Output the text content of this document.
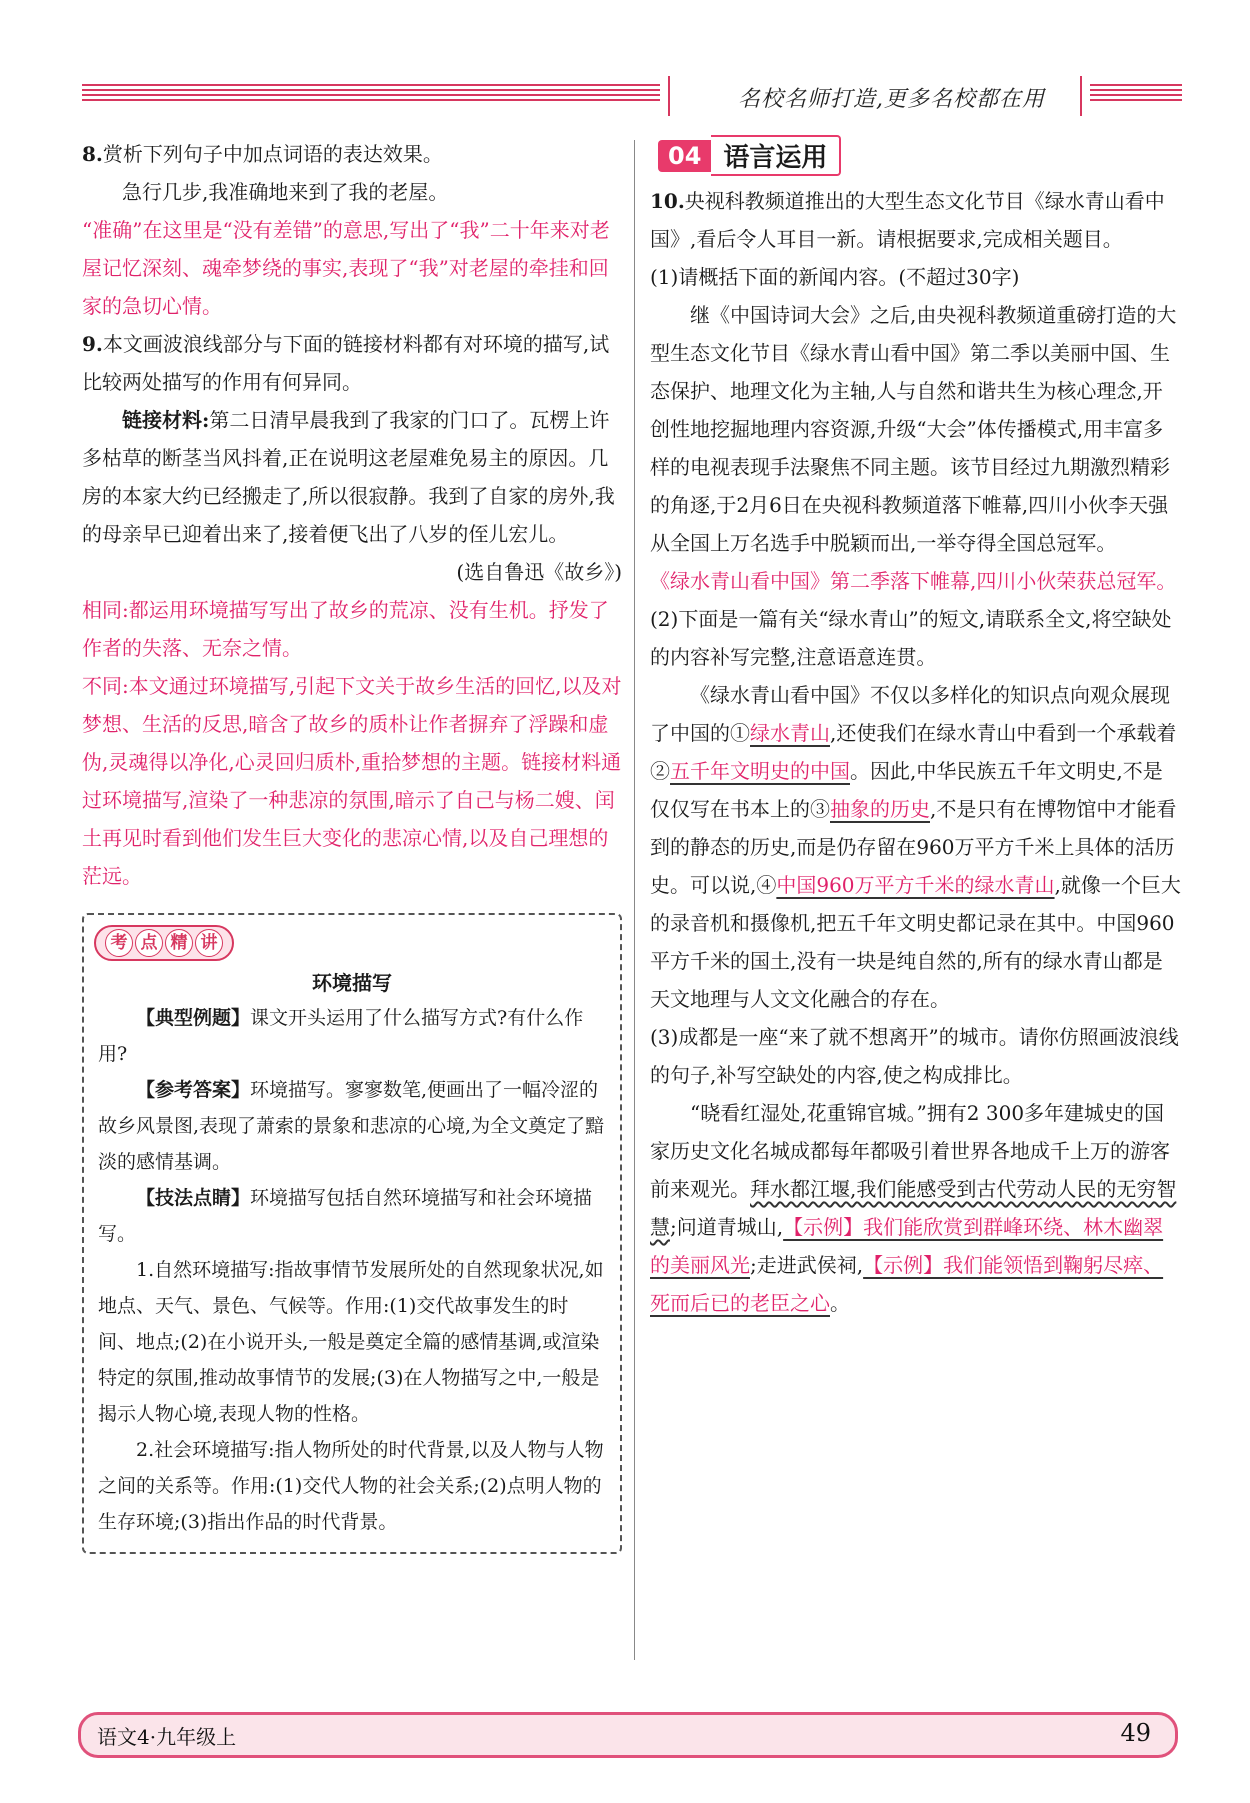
名校名师打造,更多名校都在用

8.赏析下列句子中加点词语的表达效果。

急行几步,我准确地来到了我的老屋。

“准确”在这里是“没有差错”的意思,写出了“我”二十年来对老屋记忆深刻、魂牵梦绕的事实,表现了“我”对老屋的牵挂和回家的急切心情。

9.本文画波浪线部分与下面的链接材料都有对环境的描写,试比较两处描写的作用有何异同。

链接材料:第二日清早晨我到了我家的门口了。瓦楞上许多枯草的断茎当风抖着,正在说明这老屋难免易主的原因。几房的本家大约已经搬走了,所以很寂静。我到了自家的房外,我的母亲早已迎着出来了,接着便飞出了八岁的侄儿宏儿。

(选自鲁迅《故乡》)

相同:都运用环境描写写出了故乡的荒凉、没有生机。抒发了作者的失落、无奈之情。

不同:本文通过环境描写,引起下文关于故乡生活的回忆,以及对梦想、生活的反思,暗含了故乡的质朴让作者摒弃了浮躁和虚伪,灵魂得以净化,心灵回归质朴,重拾梦想的主题。链接材料通过环境描写,渲染了一种悲凉的氛围,暗示了自己与杨二嫂、闰土再见时看到他们发生巨大变化的悲凉心情,以及自己理想的茫远。

考 点 精 讲
环境描写

【典型例题】课文开头运用了什么描写方式?有什么作用?

【参考答案】环境描写。寥寥数笔,便画出了一幅冷涩的故乡风景图,表现了萧索的景象和悲凉的心境,为全文奠定了黯淡的感情基调。

【技法点睛】环境描写包括自然环境描写和社会环境描写。

1.自然环境描写:指故事情节发展所处的自然现象状况,如地点、天气、景色、气候等。作用:(1)交代故事发生的时间、地点;(2)在小说开头,一般是奠定全篇的感情基调,或渲染特定的氛围,推动故事情节的发展;(3)在人物描写之中,一般是揭示人物心境,表现人物的性格。

2.社会环境描写:指人物所处的时代背景,以及人物与人物之间的关系等。作用:(1)交代人物的社会关系;(2)点明人物的生存环境;(3)指出作品的时代背景。

04 语言运用

10.央视科教频道推出的大型生态文化节目《绿水青山看中国》,看后令人耳目一新。请根据要求,完成相关题目。

(1)请概括下面的新闻内容。(不超过30字)

继《中国诗词大会》之后,由央视科教频道重磅打造的大型生态文化节目《绿水青山看中国》第二季以美丽中国、生态保护、地理文化为主轴,人与自然和谐共生为核心理念,开创性地挖掘地理内容资源,升级“大会”体传播模式,用丰富多样的电视表现手法聚焦不同主题。该节目经过九期激烈精彩的角逐,于2月6日在央视科教频道落下帷幕,四川小伙李天强从全国上万名选手中脱颖而出,一举夺得全国总冠军。

《绿水青山看中国》第二季落下帷幕,四川小伙荣获总冠军。

(2)下面是一篇有关“绿水青山”的短文,请联系全文,将空缺处的内容补写完整,注意语意连贯。

《绿水青山看中国》不仅以多样化的知识点向观众展现了中国的①绿水青山,还使我们在绿水青山中看到一个承载着②五千年文明史的中国。因此,中华民族五千年文明史,不是仅仅写在书本上的③抽象的历史,不是只有在博物馆中才能看到的静态的历史,而是仍存留在960万平方千米上具体的活历史。可以说,④中国960万平方千米的绿水青山,就像一个巨大的录音机和摄像机,把五千年文明史都记录在其中。中国960平方千米的国土,没有一块是纯自然的,所有的绿水青山都是天文地理与人文文化融合的存在。

(3)成都是一座“来了就不想离开”的城市。请你仿照画波浪线的句子,补写空缺处的内容,使之构成排比。

“晓看红湿处,花重锦官城。”拥有2 300多年建城史的国家历史文化名城成都每年都吸引着世界各地成千上万的游客前来观光。拜水都江堰,我们能感受到古代劳动人民的无穷智慧;问道青城山,【示例】我们能欣赏到群峰环绕、林木幽翠的美丽风光;走进武侯祠,【示例】我们能领悟到鞠躬尽瘁、死而后已的老臣之心。

语文4·九年级上	49
